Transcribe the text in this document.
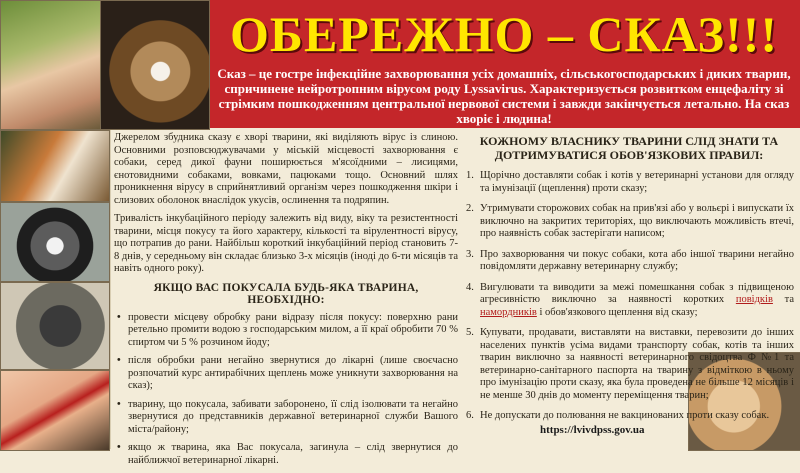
ОБЕРЕЖНО – СКАЗ!!!

Сказ – це гостре інфекційне захворювання усіх домашніх, сільськогосподарських і диких тварин, спричинене нейротропним вірусом роду Lyssavirus. Характеризується розвитком енцефаліту зі стрімким пошкодженням центральної нервової системи і завжди закінчується летально. На сказ хворіє і людина!

Джерелом збудника сказу є хворі тварини, які виділяють вірус із слиною. Основними розповсюджувачами у міській місцевості захворювання є собаки, серед дикої фауни поширюється м'ясоїдними – лисицями, єнотовидними собаками, вовками, пацюками тощо. Основний шлях проникнення вірусу в сприйнятливий організм через пошкодження шкіри і слизових оболонок внаслідок укусів, ослинення та подряпин.

Тривалість інкубаційного періоду залежить від виду, віку та резистентності тварини, місця покусу та його характеру, кількості та вірулентності вірусу, що потрапив до рани. Найбільш короткий інкубаційний період становить 7-8 днів, у середньому він складає близько 3-х місяців (іноді до 6-ти місяців та навіть одного року).

ЯКЩО ВАС ПОКУСАЛА БУДЬ-ЯКА ТВАРИНА, НЕОБХІДНО:
• провести місцеву обробку рани відразу після покусу: поверхню рани ретельно промити водою з господарським милом, а її краї обробити 70 % спиртом чи 5 % розчином йоду;
• після обробки рани негайно звернутися до лікарні (лише своєчасно розпочатий курс антирабічних щеплень може уникнути захворювання на сказ);
• тварину, що покусала, забивати заборонено, її слід ізолювати та негайно звернутися до представників державної ветеринарної служби Вашого міста/району;
• якщо ж тварина, яка Вас покусала, загинула – слід звернутися до найближчої ветеринарної лікарні.
КОЖНОМУ ВЛАСНИКУ ТВАРИНИ СЛІД ЗНАТИ ТА ДОТРИМУВАТИСЯ ОБОВ'ЯЗКОВИХ ПРАВИЛ:
1. Щорічно доставляти собак і котів у ветеринарні установи для огляду та імунізації (щеплення) проти сказу;
2. Утримувати сторожових собак на прив'язі або у вольєрі і випускати їх виключно на закритих територіях, що виключають можливість втечі, про наявність собак застерігати написом;
3. Про захворювання чи покус собаки, кота або іншої тварини негайно повідомляти державну ветеринарну службу;
4. Вигулювати та виводити за межі помешкання собак з підвищеною агресивністю виключно за наявності коротких повідків та намордників і обов'язкового щеплення від сказу;
5. Купувати, продавати, виставляти на виставки, перевозити до інших населених пунктів усіма видами транспорту собак, котів та інших тварин виключно за наявності ветеринарного свідоцтва Ф №1 та ветеринарно-санітарного паспорта на тварину з відміткою в ньому про імунізацію проти сказу, яка була проведена не більше 12 місяців і не менше 30 днів до моменту переміщення тварин;
6. Не допускати до полювання не вакцинованих проти сказу собак.
https://lvivdpss.gov.ua
